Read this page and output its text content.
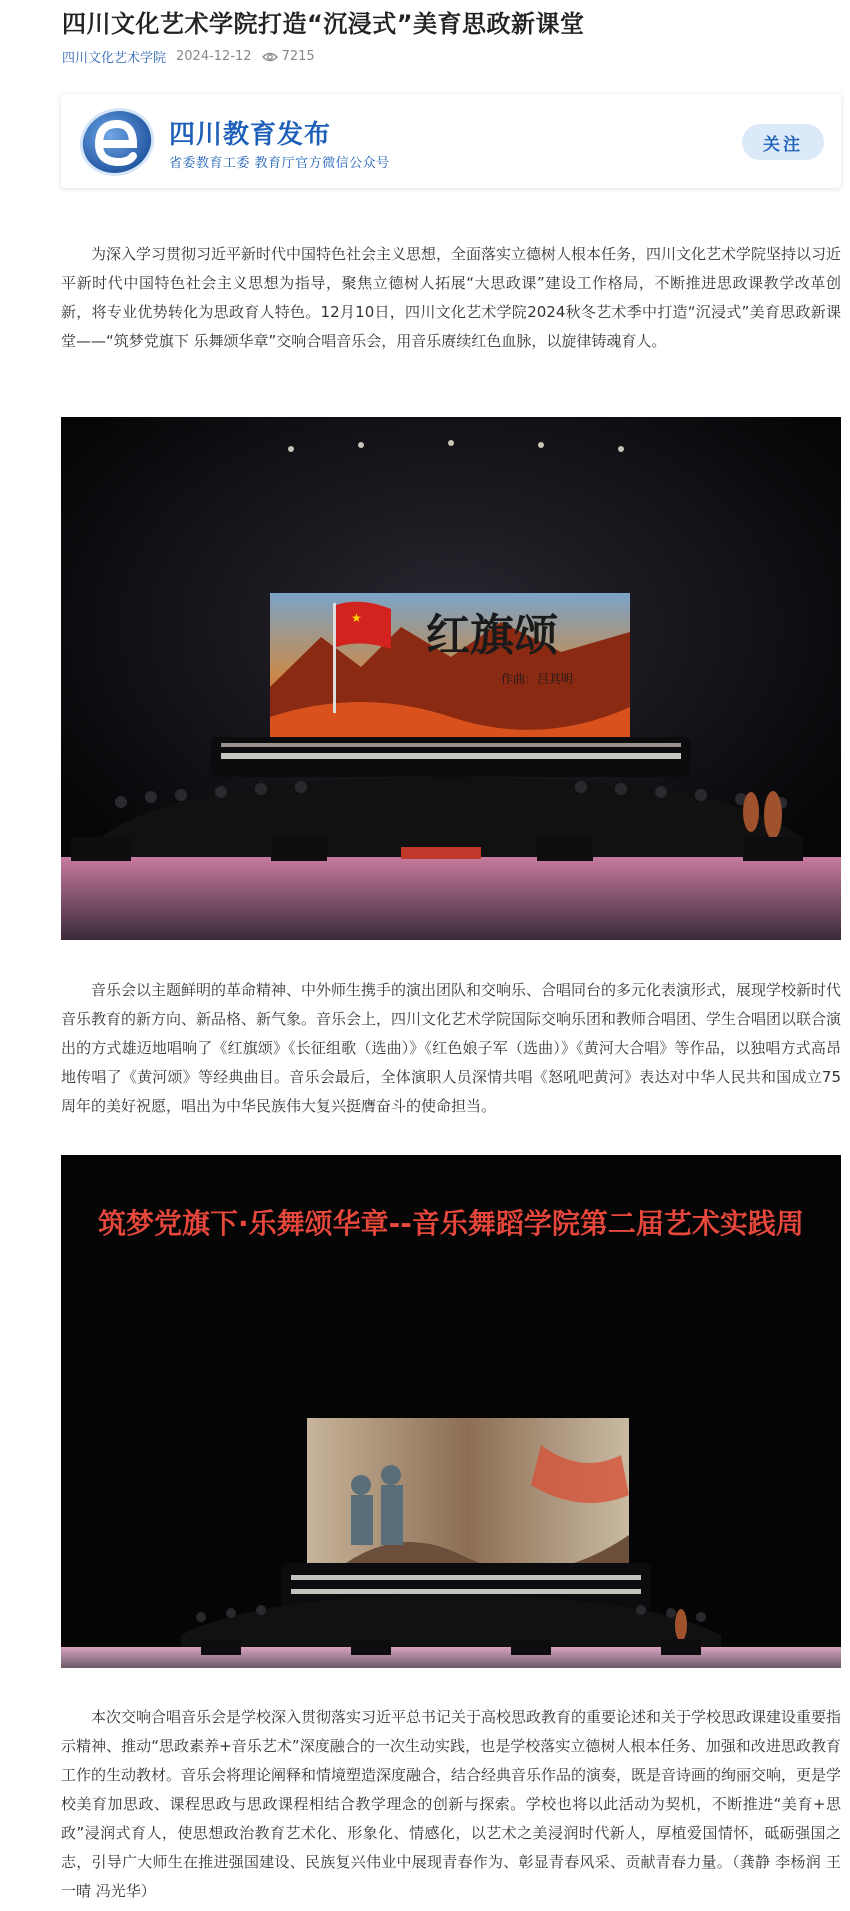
四川文化艺术学院打造“沉浸式”美育思政新课堂
四川文化艺术学院 2024-12-12 7215
四川教育发布
省委教育工委 教育厅官方微信公众号
关注

为深入学习贯彻习近平新时代中国特色社会主义思想，全面落实立德树人根本任务，四川文化艺术学院坚持以习近平新时代中国特色社会主义思想为指导，聚焦立德树人拓展“大思政课”建设工作格局，不断推进思政课教学改革创新，将专业优势转化为思政育人特色。12月10日，四川文化艺术学院2024秋冬艺术季中打造“沉浸式”美育思政新课堂——“筑梦党旗下 乐舞颂华章”交响合唱音乐会，用音乐赓续红色血脉，以旋律铸魂育人。

★ 红旗颂
作曲：吕其明

音乐会以主题鲜明的革命精神、中外师生携手的演出团队和交响乐、合唱同台的多元化表演形式，展现学校新时代音乐教育的新方向、新品格、新气象。音乐会上，四川文化艺术学院国际交响乐团和教师合唱团、学生合唱团以联合演出的方式雄迈地唱响了《红旗颂》《长征组歌（选曲）》《红色娘子军（选曲）》《黄河大合唱》等作品，以独唱方式高昂地传唱了《黄河颂》等经典曲目。音乐会最后，全体演职人员深情共唱《怒吼吧黄河》表达对中华人民共和国成立75周年的美好祝愿，唱出为中华民族伟大复兴挺膺奋斗的使命担当。

筑梦党旗下·乐舞颂华章--音乐舞蹈学院第二届艺术实践周

本次交响合唱音乐会是学校深入贯彻落实习近平总书记关于高校思政教育的重要论述和关于学校思政课建设重要指示精神、推动“思政素养+音乐艺术”深度融合的一次生动实践，也是学校落实立德树人根本任务、加强和改进思政教育工作的生动教材。音乐会将理论阐释和情境塑造深度融合，结合经典音乐作品的演奏，既是音诗画的绚丽交响，更是学校美育加思政、课程思政与思政课程相结合教学理念的创新与探索。学校也将以此活动为契机，不断推进“美育+思政”浸润式育人，使思想政治教育艺术化、形象化、情感化，以艺术之美浸润时代新人，厚植爱国情怀，砥砺强国之志，引导广大师生在推进强国建设、民族复兴伟业中展现青春作为、彰显青春风采、贡献青春力量。（龚静 李杨润 王一晴 冯光华）
